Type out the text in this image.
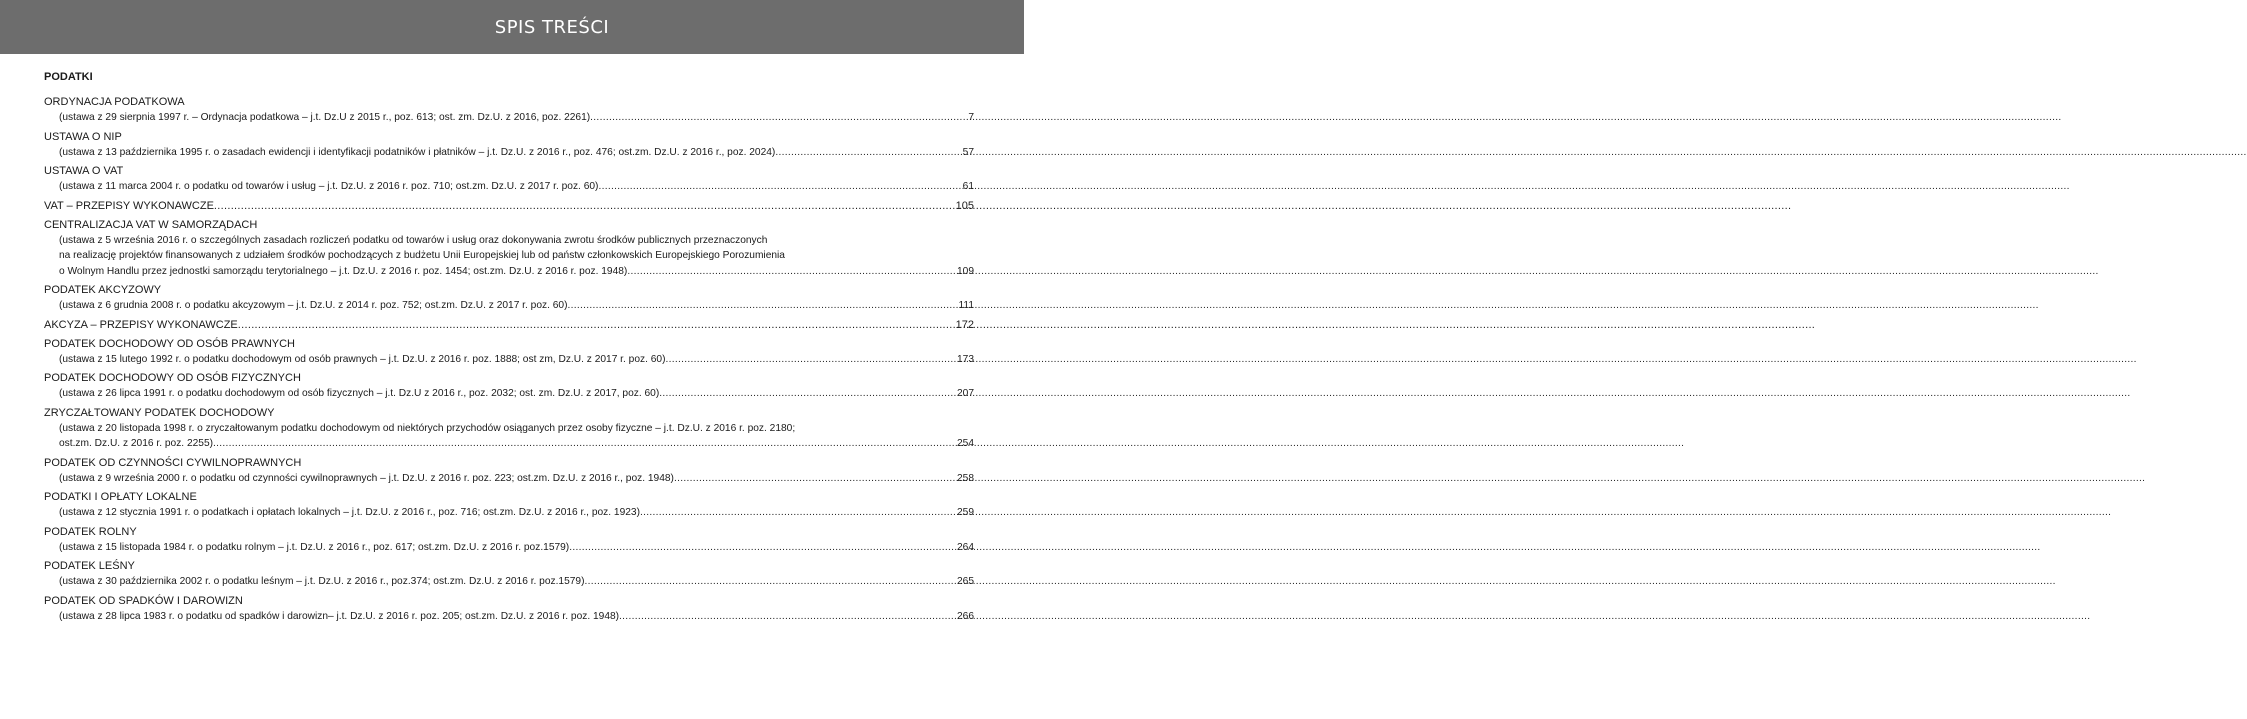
SPIS TREŚCI
PODATKI
ORDYNACJA PODATKOWA
(ustawa z 29 sierpnia 1997 r. – Ordynacja podatkowa – j.t. Dz.U z 2015 r., poz. 613; ost. zm. Dz.U. z 2016, poz. 2261) .....	7
USTAWA O NIP
(ustawa z 13 października 1995 r. o zasadach ewidencji i identyfikacji podatników i płatników – j.t. Dz.U. z 2016 r., poz. 476; ost.zm. Dz.U. z 2016 r., poz. 2024) .....	57
USTAWA O VAT
(ustawa z 11 marca 2004 r. o podatku od towarów i usług – j.t. Dz.U. z 2016 r. poz. 710; ost.zm. Dz.U. z 2017 r. poz. 60) .....	61
VAT – PRZEPISY WYKONAWCZE .....	105
CENTRALIZACJA VAT W SAMORZĄDACH
(ustawa z 5 września 2016 r. o szczególnych zasadach rozliczeń podatku od towarów i usług oraz dokonywania zwrotu środków publicznych przeznaczonych
na realizację projektów finansowanych z udziałem środków pochodzących z budżetu Unii Europejskiej lub od państw członkowskich Europejskiego Porozumienia
o Wolnym Handlu przez jednostki samorządu terytorialnego – j.t. Dz.U. z 2016 r. poz. 1454; ost.zm. Dz.U. z 2016 r. poz. 1948) .....	109
PODATEK AKCYZOWY
(ustawa z 6 grudnia 2008 r. o podatku akcyzowym – j.t. Dz.U. z 2014 r. poz. 752; ost.zm. Dz.U. z 2017 r. poz. 60) .....	111
AKCYZA – PRZEPISY WYKONAWCZE .....	172
PODATEK DOCHODOWY OD OSÓB PRAWNYCH
(ustawa z 15 lutego 1992 r. o podatku dochodowym od osób prawnych – j.t. Dz.U. z 2016 r. poz. 1888; ost zm, Dz.U. z 2017 r. poz. 60) .....	173
PODATEK DOCHODOWY OD OSÓB FIZYCZNYCH
(ustawa z 26 lipca 1991 r. o podatku dochodowym od osób fizycznych – j.t. Dz.U z 2016 r., poz. 2032; ost. zm. Dz.U. z 2017, poz. 60) .....	207
ZRYCZAŁTOWANY PODATEK DOCHODOWY
(ustawa z 20 listopada 1998 r. o zryczałtowanym podatku dochodowym od niektórych przychodów osiąganych przez osoby fizyczne – j.t. Dz.U. z 2016 r. poz. 2180;
ost.zm. Dz.U. z 2016 r. poz. 2255) .....	254
PODATEK OD CZYNNOŚCI CYWILNOPRAWNYCH
(ustawa z 9 września 2000 r. o podatku od czynności cywilnoprawnych – j.t. Dz.U. z 2016 r. poz. 223; ost.zm. Dz.U. z 2016 r., poz. 1948) .....	258
PODATKI I OPŁATY LOKALNE
(ustawa z 12 stycznia 1991 r. o podatkach i opłatach lokalnych – j.t. Dz.U. z 2016 r., poz. 716; ost.zm. Dz.U. z 2016 r., poz. 1923) .....	259
PODATEK ROLNY
(ustawa z 15 listopada 1984 r. o podatku rolnym – j.t. Dz.U. z 2016 r., poz. 617; ost.zm. Dz.U. z 2016 r. poz.1579) .....	264
PODATEK LEŚNY
(ustawa z 30 października 2002 r. o podatku leśnym – j.t. Dz.U. z 2016 r., poz.374; ost.zm. Dz.U. z 2016 r. poz.1579) .....	265
PODATEK OD SPADKÓW I DAROWIZN
(ustawa z 28 lipca 1983 r. o podatku od spadków i darowizn– j.t. Dz.U. z 2016 r. poz. 205; ost.zm. Dz.U. z 2016 r. poz. 1948) .....	266
